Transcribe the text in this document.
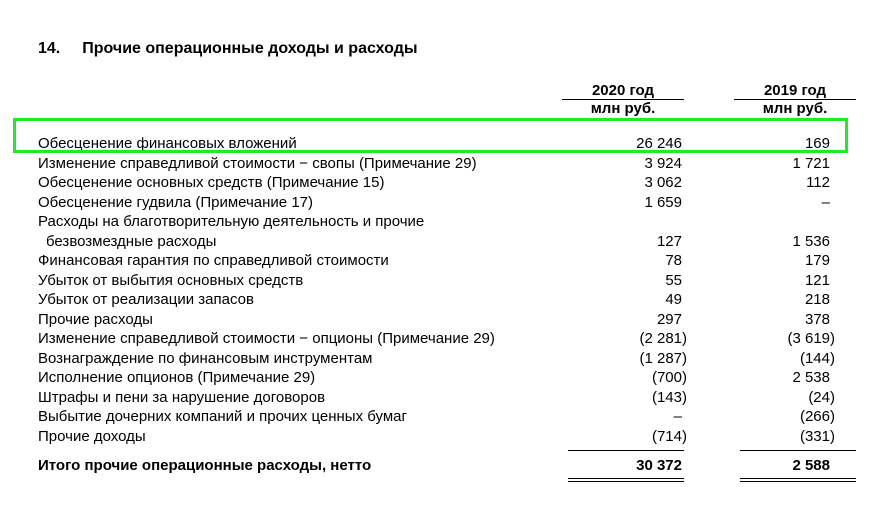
14. Прочие операционные доходы и расходы
2020 год
млн руб.
2019 год
млн руб.
Обесценение финансовых вложений	26 246	169
Изменение справедливой стоимости − свопы (Примечание 29)	3 924	1 721
Обесценение основных средств (Примечание 15)	3 062	112
Обесценение гудвила (Примечание 17)	1 659	–
Расходы на благотворительную деятельность и прочие
безвозмездные расходы	127	1 536
Финансовая гарантия по справедливой стоимости	78	179
Убыток от выбытия основных средств	55	121
Убыток от реализации запасов	49	218
Прочие расходы	297	378
Изменение справедливой стоимости − опционы (Примечание 29)	(2 281)	(3 619)
Вознаграждение по финансовым инструментам	(1 287)	(144)
Исполнение опционов (Примечание 29)	(700)	2 538
Штрафы и пени за нарушение договоров	(143)	(24)
Выбытие дочерних компаний и прочих ценных бумаг	–	(266)
Прочие доходы	(714)	(331)
Итого прочие операционные расходы, нетто	30 372	2 588
